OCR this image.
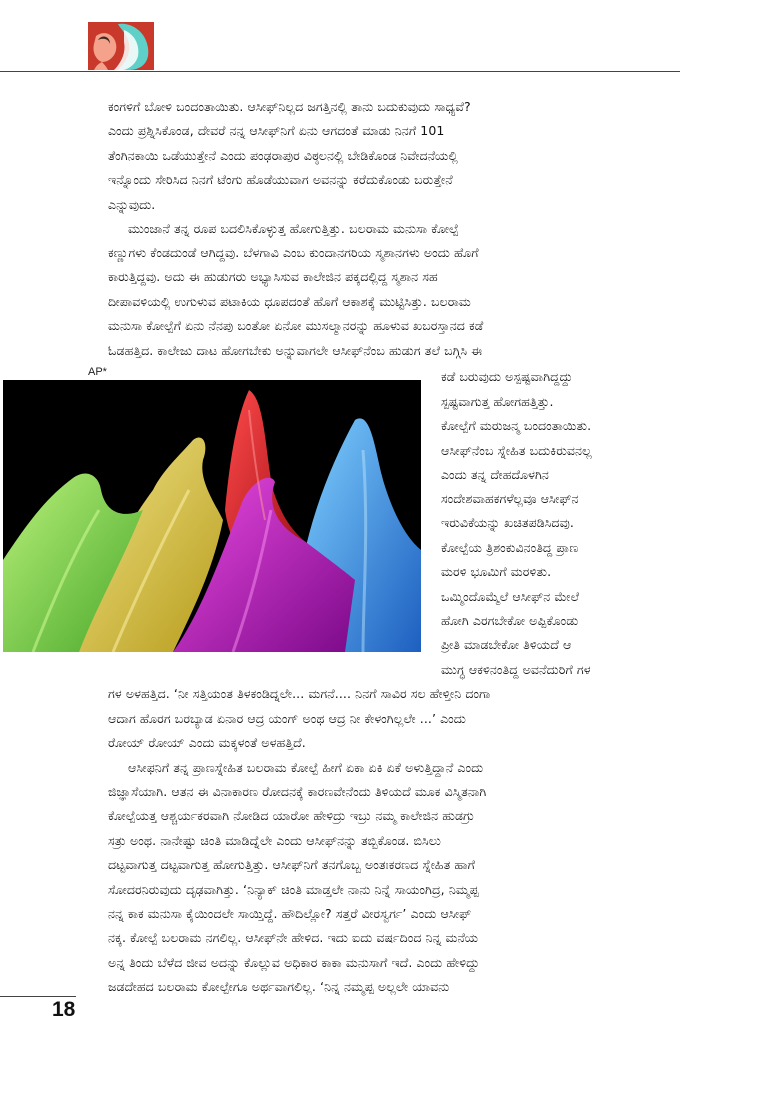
AP*
ಕಂಗಳಿಗೆ ಬೋಳಿ ಬಂದಂತಾಯಿತು. ಆಸೀಫ್‌ನಿಲ್ಲದ ಜಗತ್ತಿನಲ್ಲಿ ತಾನು ಬದುಕುವುದು ಸಾಧ್ಯವೆ?
ಎಂದು ಪ್ರಶ್ನಿಸಿಕೊಂಡ, ದೇವರೆ ನನ್ನ ಆಸೀಫ್‌ನಿಗೆ ಏನು ಆಗದಂತೆ ಮಾಡು ನಿನಗೆ 101
ತೆಂಗಿನಕಾಯಿ ಒಡೆಯುತ್ತೇನೆ ಎಂದು ಪಂಢರಾಪುರ ವಿಠ್ಠಲನಲ್ಲಿ ಬೇಡಿಕೊಂಡ ನಿವೇದನೆಯಲ್ಲಿ
ಇನ್ನೊಂದು ಸೇರಿಸಿದ ನಿನಗೆ ಟೆಂಗು ಹೊಡೆಯುವಾಗ ಅವನನ್ನು ಕರೆದುಕೊಂಡು ಬರುತ್ತೇನೆ
ಎನ್ನುವುದು.
ಮುಂಜಾನೆ ತನ್ನ ರೂಪ ಬದಲಿಸಿಕೊಳ್ಳುತ್ತ ಹೋಗುತ್ತಿತ್ತು. ಬಲರಾಮ ಮನುಸಾ ಕೋಲ್ಪೆ
ಕಣ್ಣುಗಳು ಕೆಂಡದುಂಡೆ ಆಗಿದ್ದವು. ಬೆಳಗಾವಿ ಎಂಬ ಕುಂದಾನಗರಿಯ ಸ್ಮಶಾನಗಳು ಅಂದು ಹೊಗೆ
ಕಾರುತ್ತಿದ್ದವು. ಅದು ಈ ಹುಡುಗರು ಅಭ್ಯಾಸಿಸುವ ಕಾಲೇಜಿನ ಪಕ್ಕದಲ್ಲಿದ್ದ ಸ್ಮಶಾನ ಸಹ
ದೀಪಾವಳಿಯಲ್ಲಿ ಉಗುಳುವ ಪಟಾಕಿಯ ಧೂಪದಂತೆ ಹೊಗೆ ಆಕಾಶಕ್ಕೆ ಮುಟ್ಟಿಸಿತ್ತು. ಬಲರಾಮ
ಮನುಸಾ ಕೋಲ್ಪೆಗೆ ಏನು ನೆನಪು ಬಂತೋ ಏನೋ ಮುಸಲ್ಮಾನರನ್ನು ಹೂಳುವ ಖಬರಸ್ತಾನದ ಕಡೆ
ಓಡಹತ್ತಿದ. ಕಾಲೇಜು ದಾಟ ಹೋಗಬೇಕು ಅನ್ನುವಾಗಲೇ ಆಸೀಫ್‌ನೆಂಬ ಹುಡುಗ ತಲೆ ಬಗ್ಗಿಸಿ ಈ
ಕಡೆ ಬರುವುದು ಅಸ್ಪಷ್ಟವಾಗಿದ್ದದ್ದು
ಸ್ಪಷ್ಟವಾಗುತ್ತ ಹೋಗಹತ್ತಿತ್ತು.
ಕೋಲ್ಪೆಗೆ ಮರುಜನ್ಮ ಬಂದಂತಾಯಿತು.
ಆಸೀಫ್‌ನೆಂಬ ಸ್ನೇಹಿತ ಬದುಕಿರುವನಲ್ಲ
ಎಂದು ತನ್ನ ದೇಹದೊಳಗಿನ
ಸಂದೇಶವಾಹಕಗಳೆಲ್ಲವೂ ಆಸೀಫ್‌ನ
ಇರುವಿಕೆಯನ್ನು ಖಚಿತಪಡಿಸಿದವು.
ಕೋಲ್ಪೆಯ ತ್ರಿಶಂಕುವಿನಂತಿದ್ದ ಪ್ರಾಣ
ಮರಳಿ ಭೂಮಿಗೆ ಮರಳಿತು.
ಒಮ್ಮಿಂದೊಮ್ಮೆಲೆ ಆಸೀಫ್‌ನ ಮೇಲೆ
ಹೋಗಿ ಎರಗಬೇಕೋ ಅಪ್ಪಿಕೊಂಡು
ಪ್ರೀತಿ ಮಾಡಬೇಕೋ ತಿಳಿಯದೆ ಆ
ಮುಗ್ಧ ಆಕಳಿನಂತಿದ್ದ ಅವನೆದುರಿಗೆ ಗಳ
ಗಳ ಅಳಹತ್ತಿದ. ‘ನೀ ಸತ್ತಿಯಂತ ತಿಳಕಂಡಿದ್ನಲೇ... ಮಗನೆ.... ನಿನಗೆ ಸಾವಿರ ಸಲ ಹೇಳ್ತೀನಿ ದಂಗಾ
ಆದಾಗ ಹೊರಗ ಬರಬ್ಯಾಡ ಏನಾರ ಆದ್ರ ಯಂಗ್ ಅಂಥ ಆದ್ರ ನೀ ಕೇಳಂಗಿಲ್ಲಲೇ ...’ ಎಂದು
ರೋಯ್ ರೋಯ್ ಎಂದು ಮಕ್ಕಳಂತೆ ಅಳಹತ್ತಿದೆ.
ಆಸೀಫನಿಗೆ ತನ್ನ ಪ್ರಾಣಸ್ನೇಹಿತ ಬಲರಾಮ ಕೋಲ್ಪೆ ಹೀಗೆ ಏಕಾ ಏಕಿ ಏಕೆ ಅಳುತ್ತಿದ್ದಾನೆ ಎಂದು
ಜಿಜ್ಞಾಸೆಯಾಗಿ. ಆತನ ಈ ವಿನಾಕಾರಣ ರೋದನಕ್ಕೆ ಕಾರಣವೇನೆಂದು ತಿಳಿಯದೆ ಮೂಕ ವಿಸ್ಮಿತನಾಗಿ
ಕೋಲ್ಪೆಯತ್ತ ಆಶ್ಚರ್ಯಕರವಾಗಿ ನೋಡಿದ ಯಾರೋ ಹೇಳಿದ್ರು ಇಬ್ರು ನಮ್ಮ ಕಾಲೇಜಿನ ಹುಡಗ್ರು
ಸತ್ರು ಅಂಥ. ನಾನೇಷ್ಟು ಚಿಂತಿ ಮಾಡಿದ್ನೆಲೇ ಎಂದು ಆಸೀಫ್‌ನನ್ನು ತಬ್ಬಿಕೊಂಡ. ಬಿಸಿಲು
ದಟ್ಟವಾಗುತ್ತ ದಟ್ಟವಾಗುತ್ತ ಹೋಗುತ್ತಿತ್ತು. ಆಸೀಫ್‌ನಿಗೆ ತನಗೊಬ್ಬ ಅಂತಃಕರಣದ ಸ್ನೇಹಿತ ಹಾಗೆ
ಸೋದರನಿರುವುದು ದೃಢವಾಗಿತ್ತು. ‘ನಿನ್ಯಾಕ್ ಚಿಂತಿ ಮಾಡ್ತಲೇ ನಾನು ನಿನ್ನೆ ಸಾಯಂಗಿದ್ರ, ನಿಮ್ಮಪ್ಪ
ನನ್ನ ಕಾಕ ಮನುಸಾ ಕೈಯಿಂದಲೇ ಸಾಯ್ತಿದ್ದೆ. ಹೌದಿಲ್ಲೋ? ಸತ್ತರೆ ವೀರಸ್ವರ್ಗ’ ಎಂದು ಆಸೀಫ್
ನಕ್ಕ. ಕೋಲ್ಪೆ ಬಲರಾಮ ನಗಲಿಲ್ಲ. ಆಸೀಫ್‌ನೇ ಹೇಳಿದ. ಇದು ಐದು ವರ್ಷದಿಂದ ನಿನ್ನ ಮನೆಯ
ಅನ್ನ ತಿಂದು ಬೆಳೆದ ಜೀವ ಅದನ್ನು ಕೊಲ್ಲುವ ಅಧಿಕಾರ ಕಾಕಾ ಮನುಸಾಗೆ ಇದೆ. ಎಂದು ಹೇಳಿದ್ದು
ಜಡದೇಹದ ಬಲರಾಮ ಕೋಲ್ಪೇಗೂ ಅರ್ಥವಾಗಲಿಲ್ಲ. ‘ನಿನ್ನ ನಮ್ಮಪ್ಪ ಅಲ್ಲಲೇ ಯಾವನು
18
